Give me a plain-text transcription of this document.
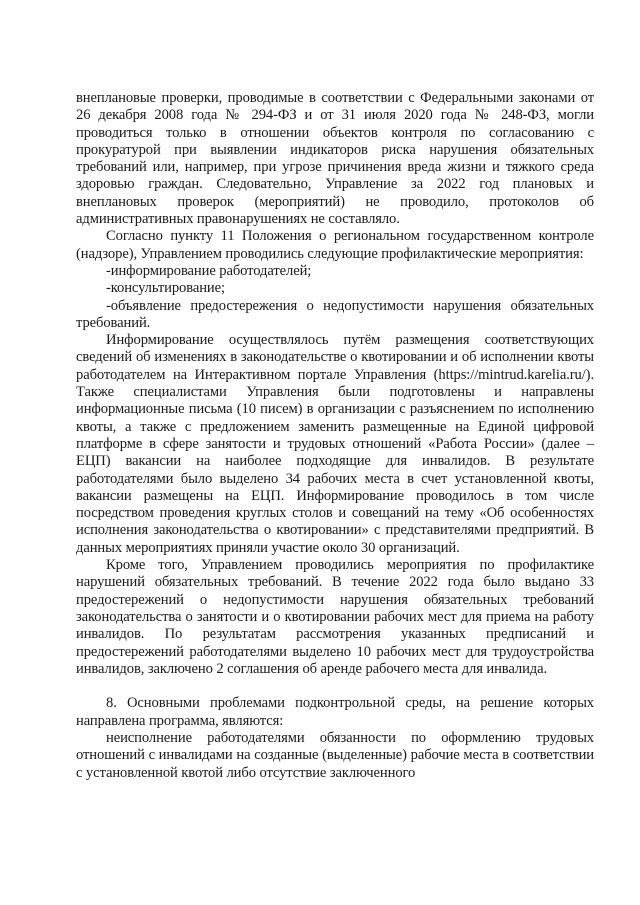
внеплановые проверки, проводимые в соответствии с Федеральными законами от 26 декабря 2008 года № 294-ФЗ и от 31 июля 2020 года № 248-ФЗ, могли проводиться только в отношении объектов контроля по согласованию с прокуратурой при выявлении индикаторов риска нарушения обязательных требований или, например, при угрозе причинения вреда жизни и тяжкого среда здоровью граждан. Следовательно, Управление за 2022 год плановых и внеплановых проверок (мероприятий) не проводило, протоколов об административных правонарушениях не составляло.

Согласно пункту 11 Положения о региональном государственном контроле (надзоре), Управлением проводились следующие профилактические мероприятия:

-информирование работодателей;

-консультирование;

-объявление предостережения о недопустимости нарушения обязательных требований.

Информирование осуществлялось путём размещения соответствующих сведений об изменениях в законодательстве о квотировании и об исполнении квоты работодателем на Интерактивном портале Управления (https://mintrud.karelia.ru/). Также специалистами Управления были подготовлены и направлены информационные письма (10 писем) в организации с разъяснением по исполнению квоты, а также с предложением заменить размещенные на Единой цифровой платформе в сфере занятости и трудовых отношений «Работа России» (далее – ЕЦП) вакансии на наиболее подходящие для инвалидов. В результате работодателями было выделено 34 рабочих места в счет установленной квоты, вакансии размещены на ЕЦП. Информирование проводилось в том числе посредством проведения круглых столов и совещаний на тему «Об особенностях исполнения законодательства о квотировании» с представителями предприятий. В данных мероприятиях приняли участие около 30 организаций.

Кроме того, Управлением проводились мероприятия по профилактике нарушений обязательных требований. В течение 2022 года было выдано 33 предостережений о недопустимости нарушения обязательных требований законодательства о занятости и о квотировании рабочих мест для приема на работу инвалидов. По результатам рассмотрения указанных предписаний и предостережений работодателями выделено 10 рабочих мест для трудоустройства инвалидов, заключено 2 соглашения об аренде рабочего места для инвалида.

8. Основными проблемами подконтрольной среды, на решение которых направлена программа, являются:

неисполнение работодателями обязанности по оформлению трудовых отношений с инвалидами на созданные (выделенные) рабочие места в соответствии с установленной квотой либо отсутствие заключенного
